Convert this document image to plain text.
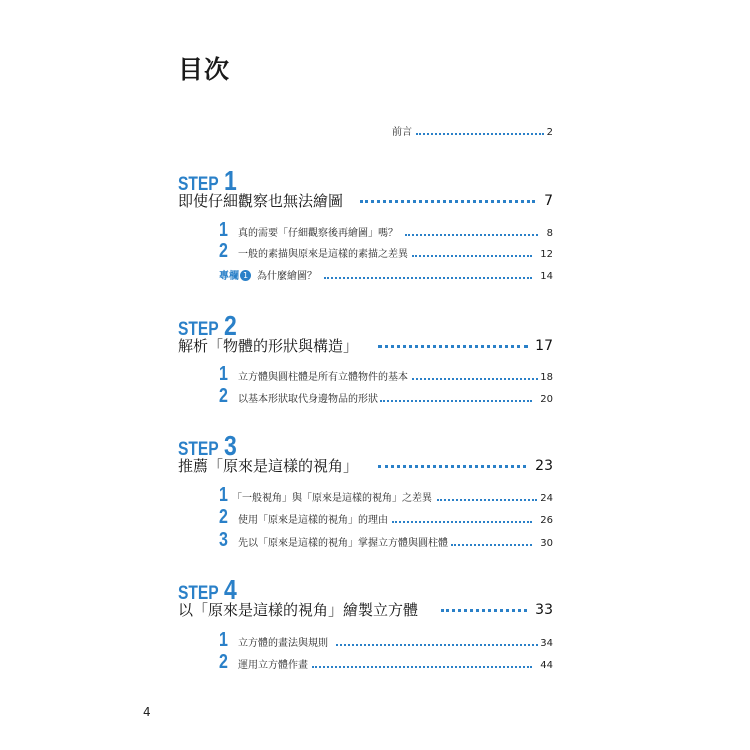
目次
前言	2
STEP 1
即使仔細觀察也無法繪圖	7
1 真的需要「仔細觀察後再繪圖」嗎？	8
2 一般的素描與原來是這樣的素描之差異	12
專欄 1 為什麼繪圖？	14
STEP 2
解析「物體的形狀與構造」	17
1 立方體與圓柱體是所有立體物件的基本	18
2 以基本形狀取代身邊物品的形狀	20
STEP 3
推薦「原來是這樣的視角」	23
1 「一般視角」與「原來是這樣的視角」之差異	24
2 使用「原來是這樣的視角」的理由	26
3 先以「原來是這樣的視角」掌握立方體與圓柱體	30
STEP 4
以「原來是這樣的視角」繪製立方體	33
1 立方體的畫法與規則	34
2 運用立方體作畫	44
4
